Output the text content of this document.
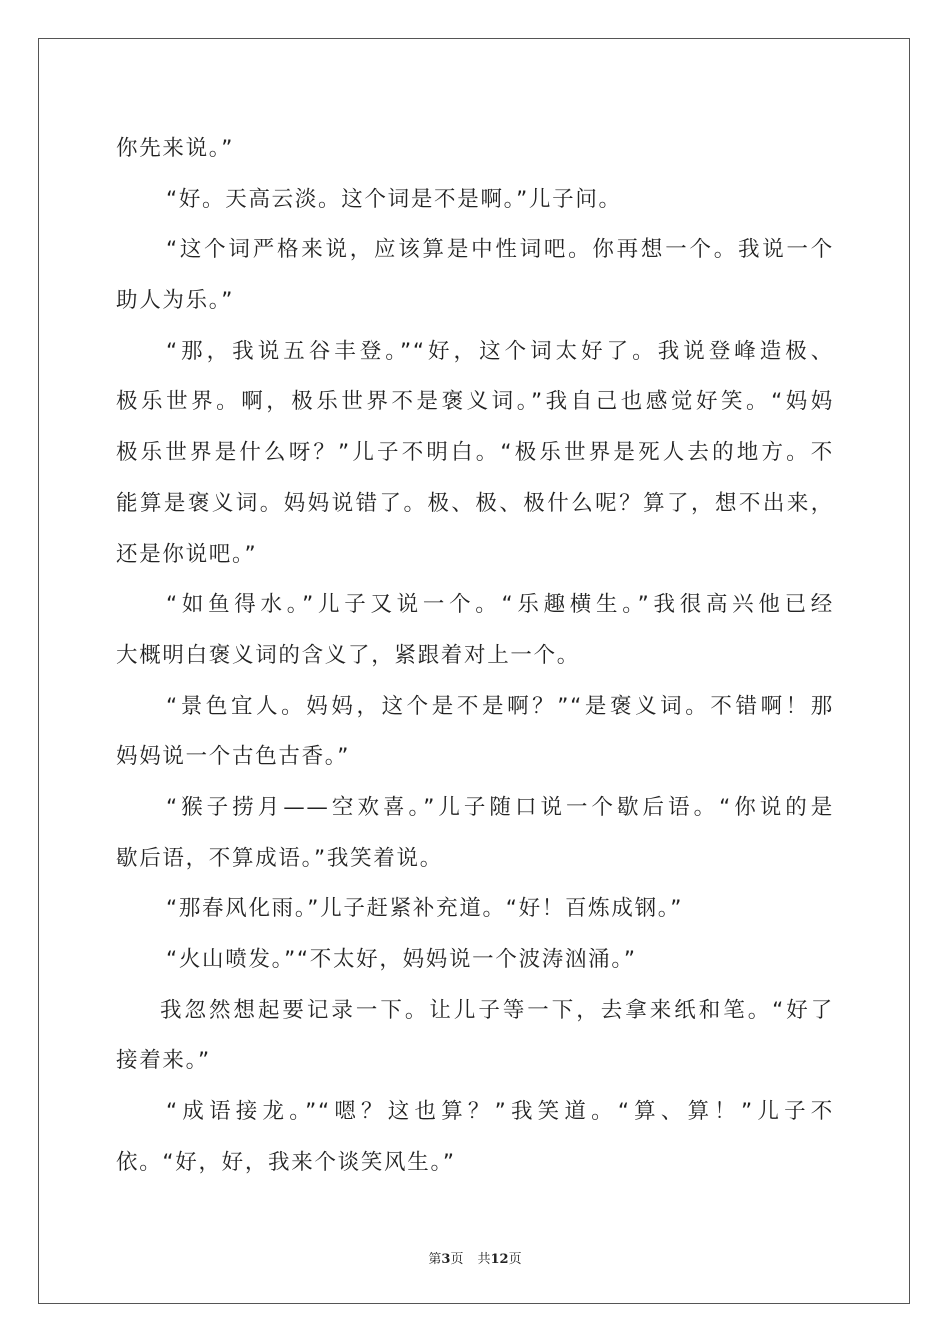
你先来说。”
“好。天高云淡。这个词是不是啊。”儿子问。
“这个词严格来说，应该算是中性词吧。你再想一个。我说一个
助人为乐。”
“那，我说五谷丰登。”“好，这个词太好了。我说登峰造极、
极乐世界。啊，极乐世界不是褒义词。”我自己也感觉好笑。“妈妈
极乐世界是什么呀？”儿子不明白。“极乐世界是死人去的地方。不
能算是褒义词。妈妈说错了。极、极、极什么呢？算了，想不出来，
还是你说吧。”
“如鱼得水。”儿子又说一个。“乐趣横生。”我很高兴他已经
大概明白褒义词的含义了，紧跟着对上一个。
“景色宜人。妈妈，这个是不是啊？”“是褒义词。不错啊！那
妈妈说一个古色古香。”
“猴子捞月——空欢喜。”儿子随口说一个歇后语。“你说的是
歇后语，不算成语。”我笑着说。
“那春风化雨。”儿子赶紧补充道。“好！百炼成钢。”
“火山喷发。”“不太好，妈妈说一个波涛汹涌。”
我忽然想起要记录一下。让儿子等一下，去拿来纸和笔。“好了
接着来。”
“成语接龙。”“嗯？这也算？”我笑道。“算、算！”儿子不
依。“好，好，我来个谈笑风生。”
第3页 共12页
